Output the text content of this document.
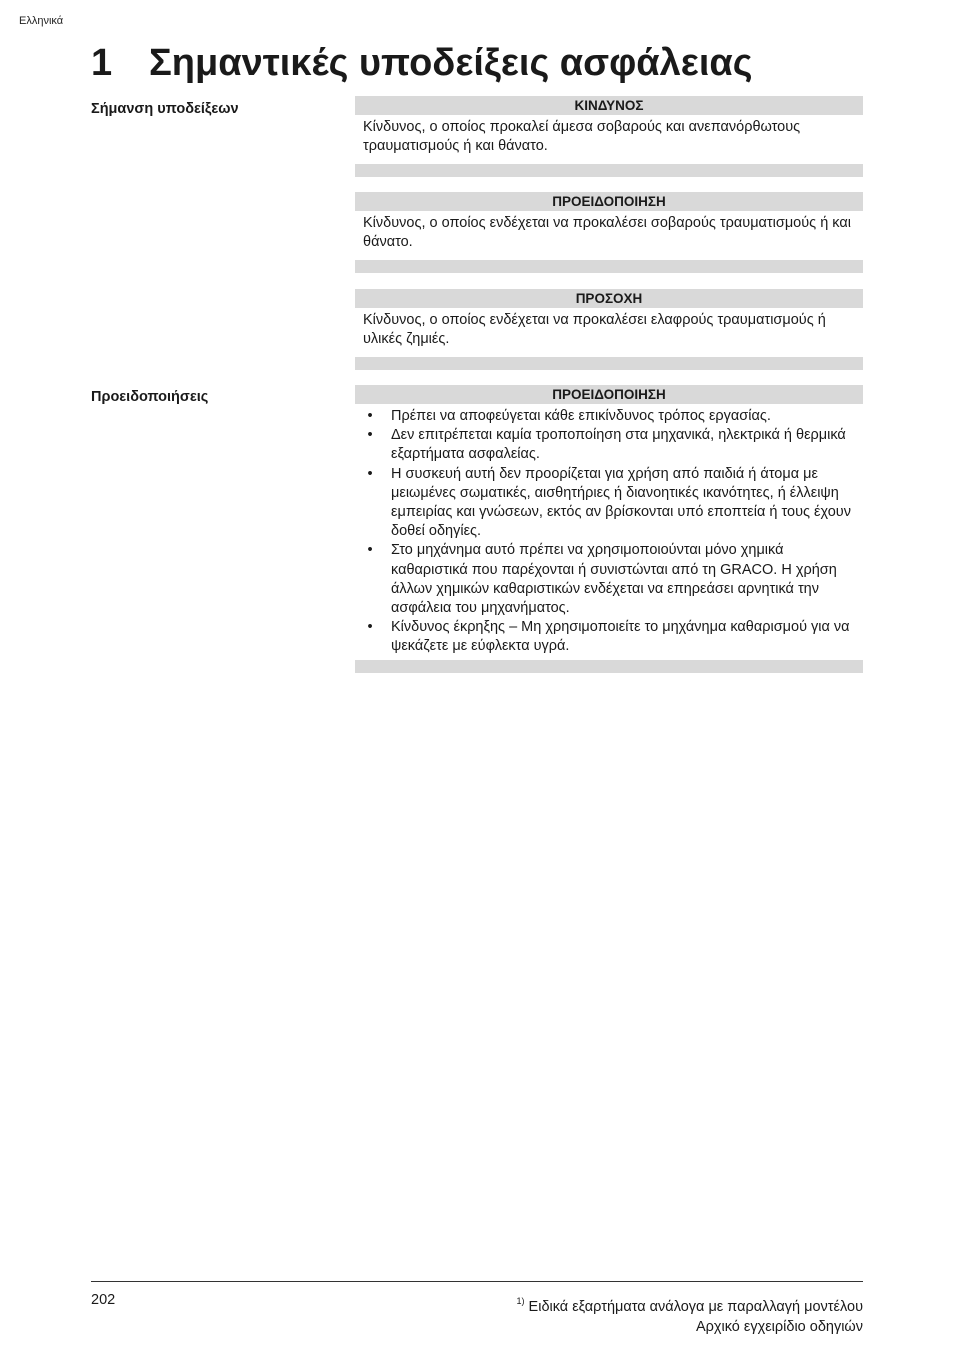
Ελληνικά
1 Σημαντικές υποδείξεις ασφάλειας
Σήμανση υποδείξεων	ΚΙΝΔΥΝΟΣ
Κίνδυνος, ο οποίος προκαλεί άμεσα σοβαρούς και ανεπανόρθωτους τραυματισμούς ή και θάνατο.
ΠΡΟΕΙΔΟΠΟΙΗΣΗ
Κίνδυνος, ο οποίος ενδέχεται να προκαλέσει σοβαρούς τραυματισμούς ή και θάνατο.
ΠΡΟΣΟΧΗ
Κίνδυνος, ο οποίος ενδέχεται να προκαλέσει ελαφρούς τραυματισμούς ή υλικές ζημιές.
Προειδοποιήσεις	ΠΡΟΕΙΔΟΠΟΙΗΣΗ
•	Πρέπει να αποφεύγεται κάθε επικίνδυνος τρόπος εργασίας.
•	Δεν επιτρέπεται καμία τροποποίηση στα μηχανικά, ηλεκτρικά ή θερμικά εξαρτήματα ασφαλείας.
•	Η συσκευή αυτή δεν προορίζεται για χρήση από παιδιά ή άτομα με μειωμένες σωματικές, αισθητήριες ή διανοητικές ικανότητες, ή έλλειψη εμπειρίας και γνώσεων, εκτός αν βρίσκονται υπό εποπτεία ή τους έχουν δοθεί οδηγίες.
•	Στο μηχάνημα αυτό πρέπει να χρησιμοποιούνται μόνο χημικά καθαριστικά που παρέχονται ή συνιστώνται από τη GRACO. Η χρήση άλλων χημικών καθαριστικών ενδέχεται να επηρεάσει αρνητικά την ασφάλεια του μηχανήματος.
•	Κίνδυνος έκρηξης – Μη χρησιμοποιείτε το μηχάνημα καθαρισμού για να ψεκάζετε με εύφλεκτα υγρά.
202	$^{1)}$ Ειδικά εξαρτήματα ανάλογα με παραλλαγή μοντέλου
Αρχικό εγχειρίδιο οδηγιών
